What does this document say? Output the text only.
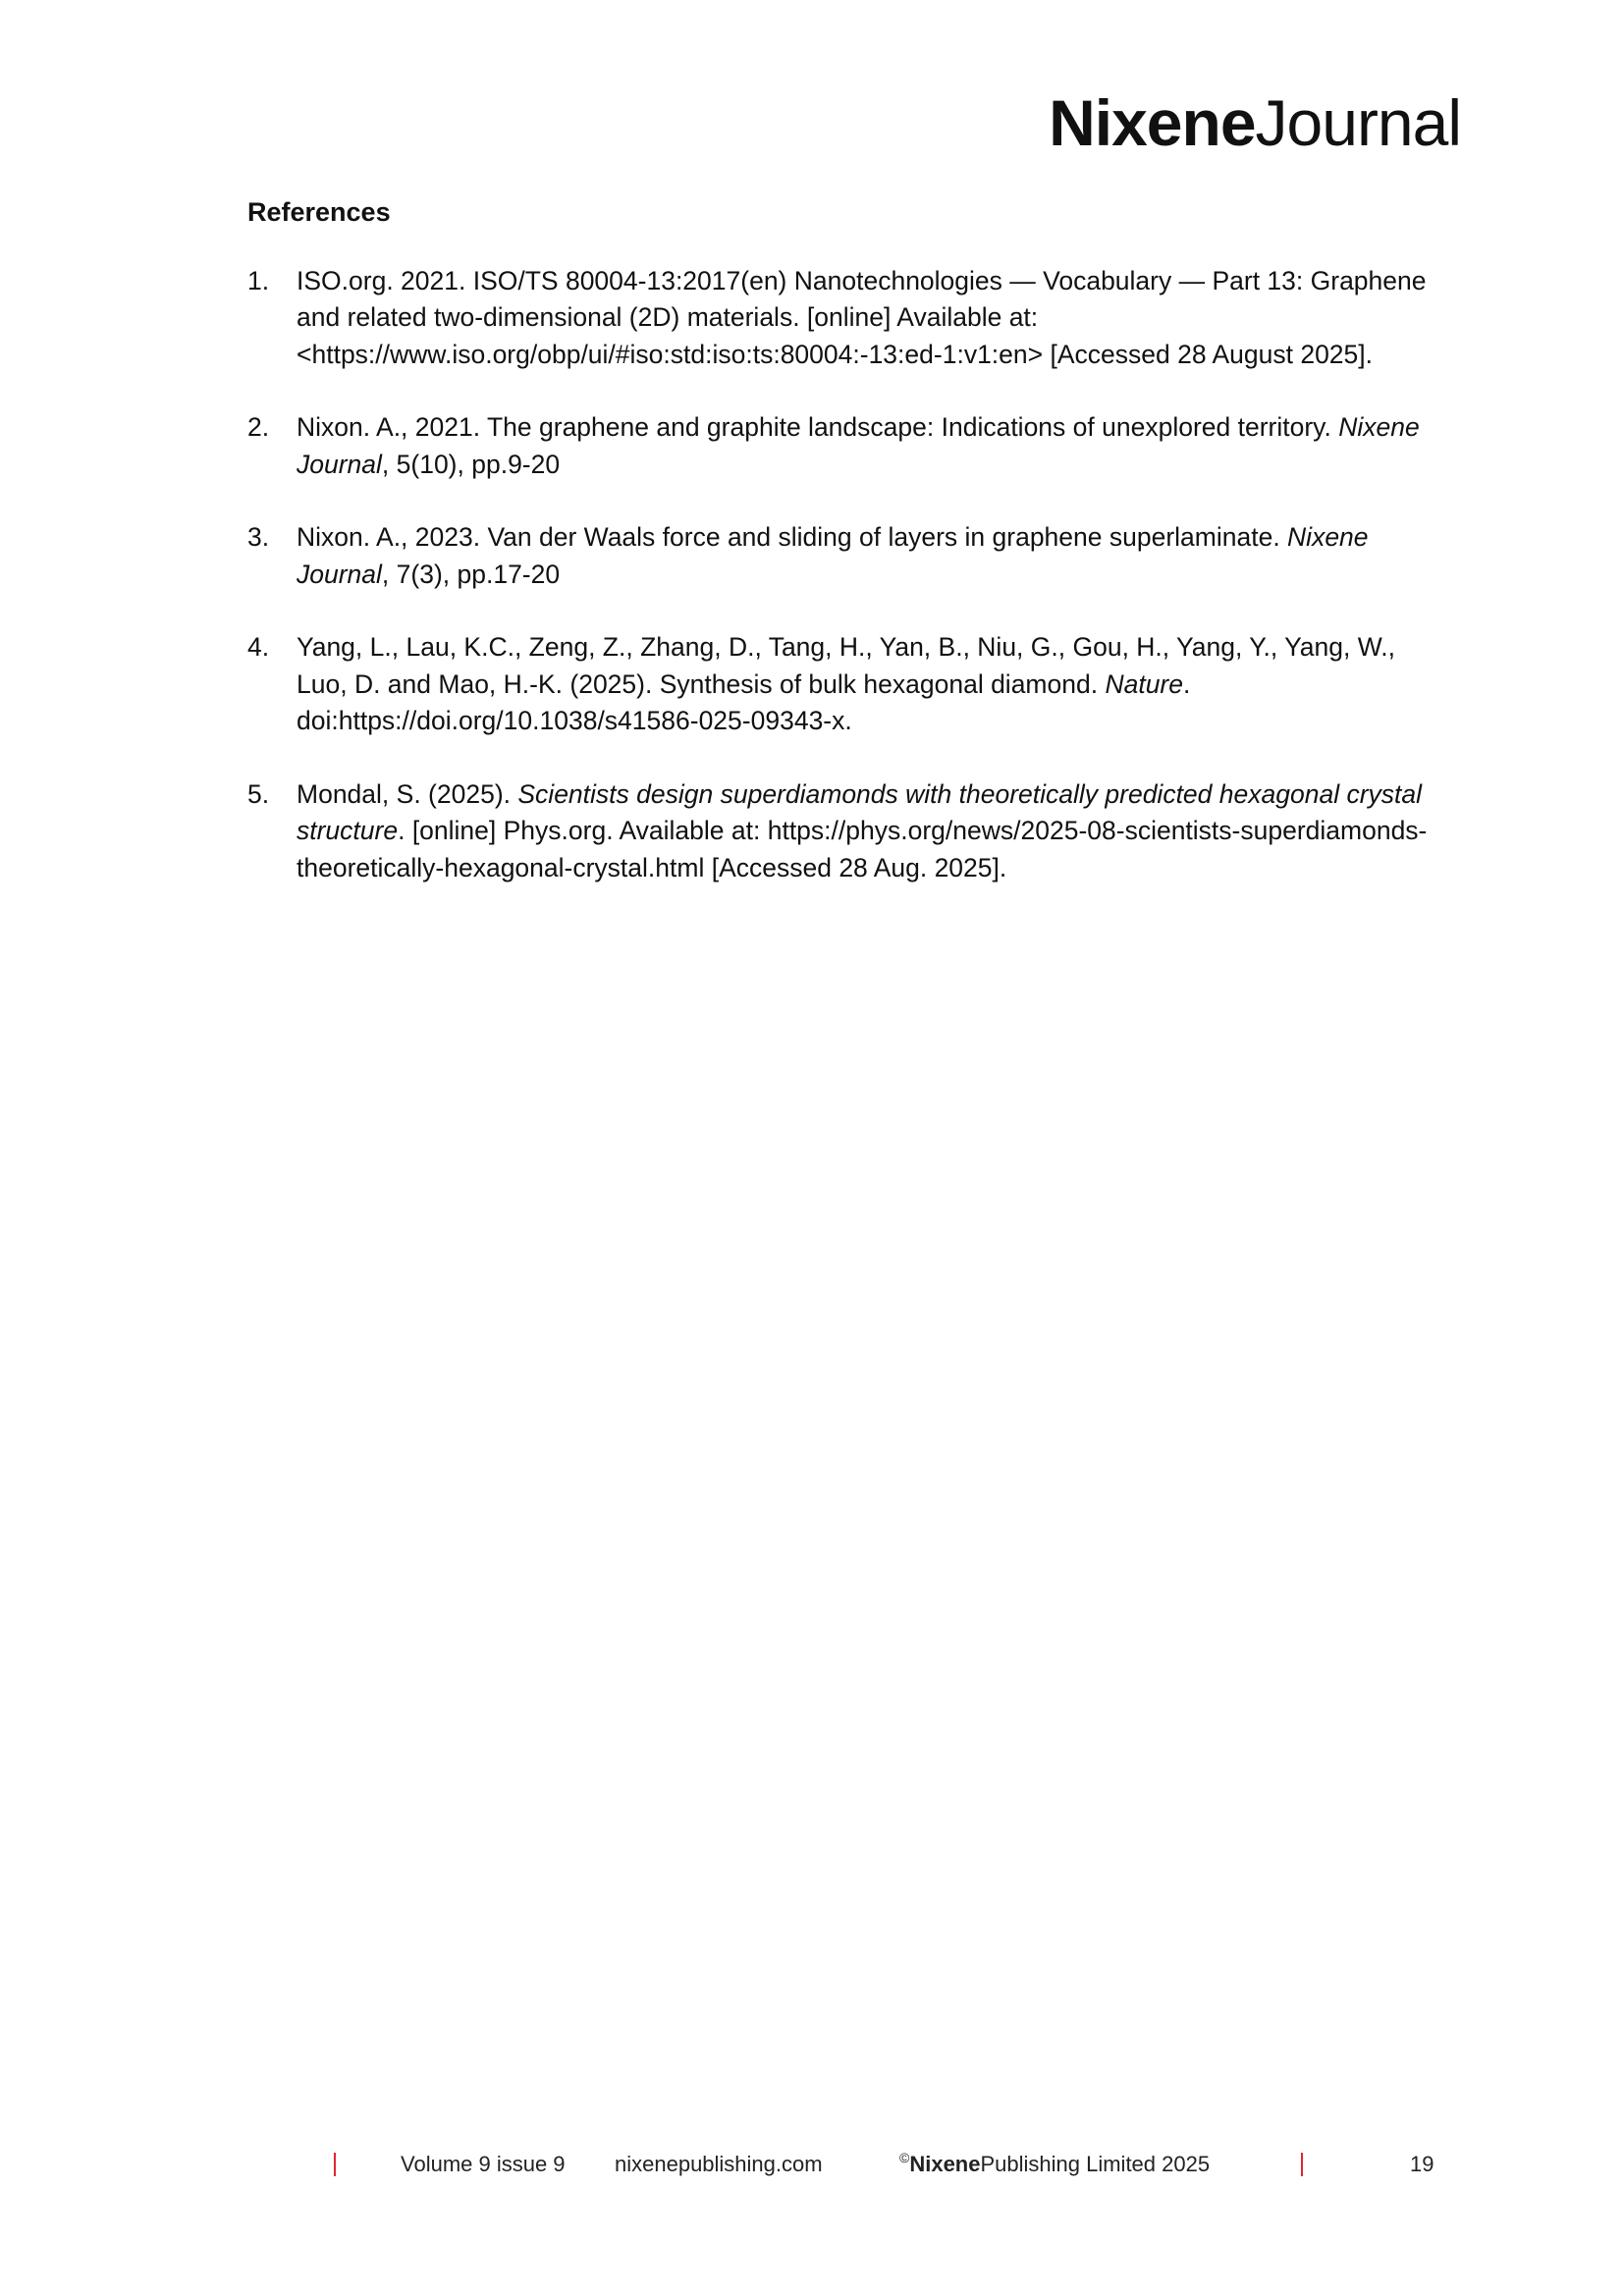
NixeneJournal
References
1. ISO.org. 2021. ISO/TS 80004-13:2017(en) Nanotechnologies — Vocabulary — Part 13: Graphene and related two-dimensional (2D) materials. [online] Available at: <https://www.iso.org/obp/ui/#iso:std:iso:ts:80004:-13:ed-1:v1:en> [Accessed 28 August 2025].
2. Nixon. A., 2021. The graphene and graphite landscape: Indications of unexplored territory. Nixene Journal, 5(10), pp.9-20
3. Nixon. A., 2023. Van der Waals force and sliding of layers in graphene superlaminate. Nixene Journal, 7(3), pp.17-20
4. Yang, L., Lau, K.C., Zeng, Z., Zhang, D., Tang, H., Yan, B., Niu, G., Gou, H., Yang, Y., Yang, W., Luo, D. and Mao, H.-K. (2025). Synthesis of bulk hexagonal diamond. Nature. doi:https://doi.org/10.1038/s41586-025-09343-x.
5. Mondal, S. (2025). Scientists design superdiamonds with theoretically predicted hexagonal crystal structure. [online] Phys.org. Available at: https://phys.org/news/2025-08-scientists-superdiamonds-theoretically-hexagonal-crystal.html [Accessed 28 Aug. 2025].
Volume 9 issue 9 nixenepublishing.com	©NixenePublishing Limited 2025	19
